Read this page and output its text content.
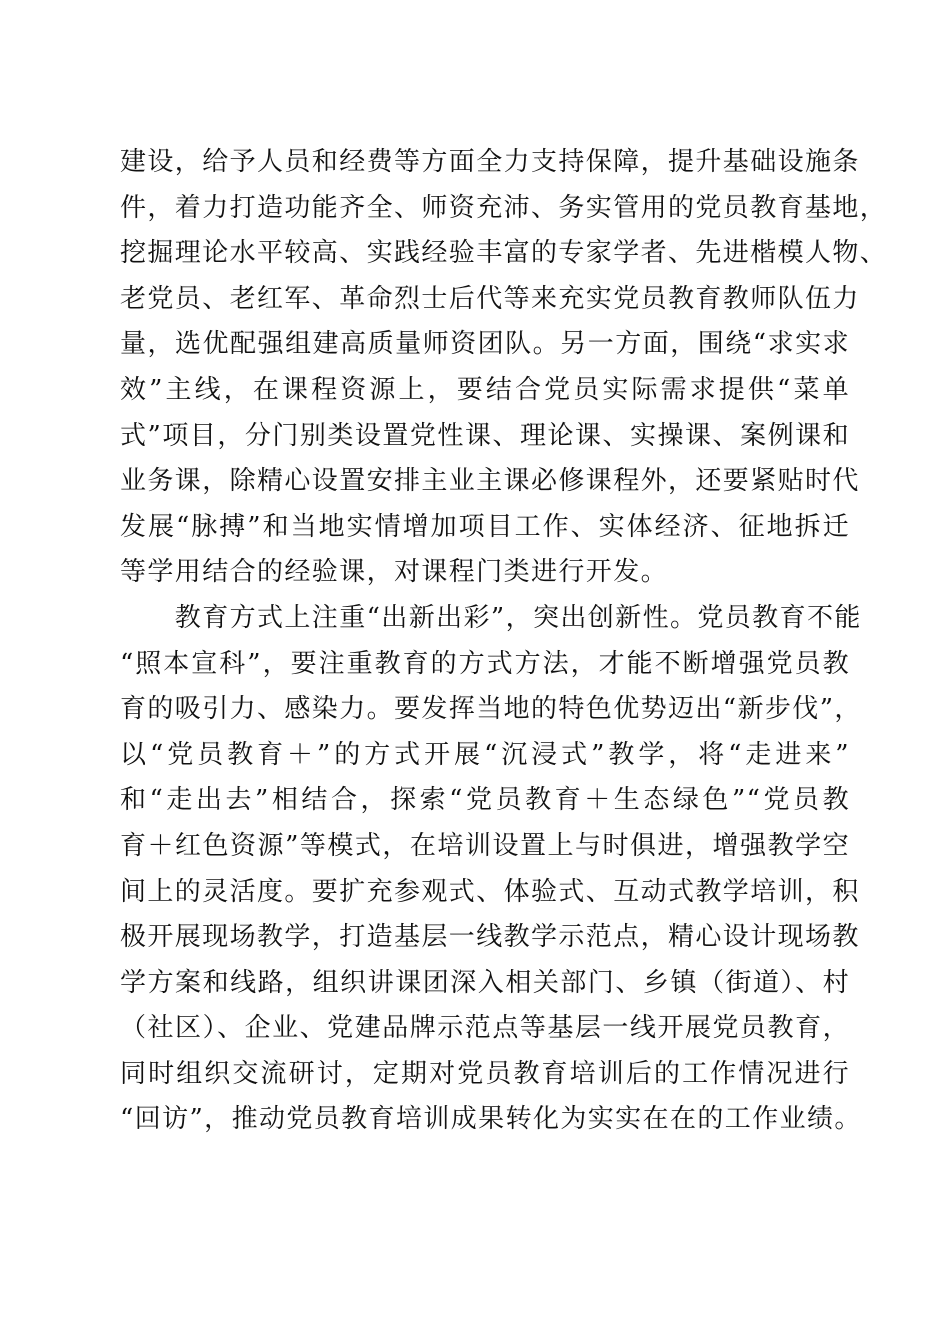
建设，给予人员和经费等方面全力支持保障，提升基础设施条
件，着力打造功能齐全、师资充沛、务实管用的党员教育基地，
挖掘理论水平较高、实践经验丰富的专家学者、先进楷模人物、
老党员、老红军、革命烈士后代等来充实党员教育教师队伍力
量，选优配强组建高质量师资团队。另一方面，围绕“求实求
效”主线，在课程资源上，要结合党员实际需求提供“菜单
式”项目，分门别类设置党性课、理论课、实操课、案例课和
业务课，除精心设置安排主业主课必修课程外，还要紧贴时代
发展“脉搏”和当地实情增加项目工作、实体经济、征地拆迁
等学用结合的经验课，对课程门类进行开发。
　　教育方式上注重“出新出彩”，突出创新性。党员教育不能
“照本宣科”，要注重教育的方式方法，才能不断增强党员教
育的吸引力、感染力。要发挥当地的特色优势迈出“新步伐”，
以“党员教育＋”的方式开展“沉浸式”教学，将“走进来”
和“走出去”相结合，探索“党员教育＋生态绿色”“党员教
育＋红色资源”等模式，在培训设置上与时俱进，增强教学空
间上的灵活度。要扩充参观式、体验式、互动式教学培训，积
极开展现场教学，打造基层一线教学示范点，精心设计现场教
学方案和线路，组织讲课团深入相关部门、乡镇（街道）、村
（社区）、企业、党建品牌示范点等基层一线开展党员教育，
同时组织交流研讨，定期对党员教育培训后的工作情况进行
“回访”，推动党员教育培训成果转化为实实在在的工作业绩。
